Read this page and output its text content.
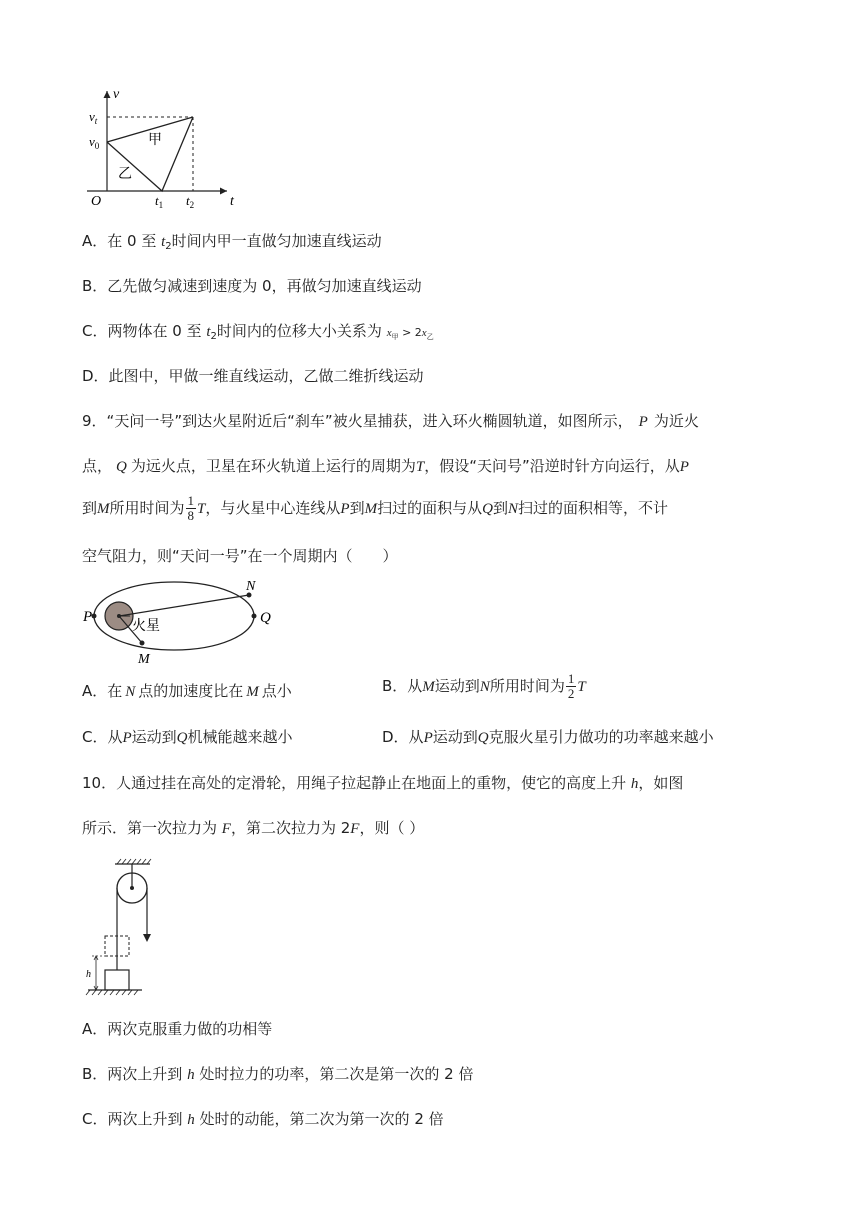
v
t
O
$v_t$
$v_0$
$t_1$ $t_2$
甲
乙
A．在 0 至 $t_2$时间内甲一直做匀加速直线运动
B．乙先做匀减速到速度为 0，再做匀加速直线运动
C．两物体在 0 至 $t_2$时间内的位移大小关系为 $x_甲 > 2x_乙$
D．此图中，甲做一维直线运动，乙做二维折线运动
9．“天问一号”到达火星附近后“刹车”被火星捕获，进入环火椭圆轨道，如图所示， P 为近火
点， Q 为远火点，卫星在环火轨道上运行的周期为T，假设“天问号”沿逆时针方向运行，从P
到M所用时间为 $\frac{1}{8}$ T，与火星中心连线从P到M扫过的面积与从Q到N扫过的面积相等，不计
空气阻力，则“天问一号”在一个周期内（　　）
P	Q
N
M
火星
A．在 N 点的加速度比在 M 点小	B．从M运动到N所用时间为 $\frac{1}{2}$ T
C．从P运动到Q机械能越来越小	D．从P运动到Q克服火星引力做功的功率越来越小
10．人通过挂在高处的定滑轮，用绳子拉起静止在地面上的重物，使它的高度上升 h，如图
所示．第一次拉力为 F，第二次拉力为 2F，则（ ）
h
A．两次克服重力做的功相等
B．两次上升到 h 处时拉力的功率，第二次是第一次的 2 倍
C．两次上升到 h 处时的动能，第二次为第一次的 2 倍
